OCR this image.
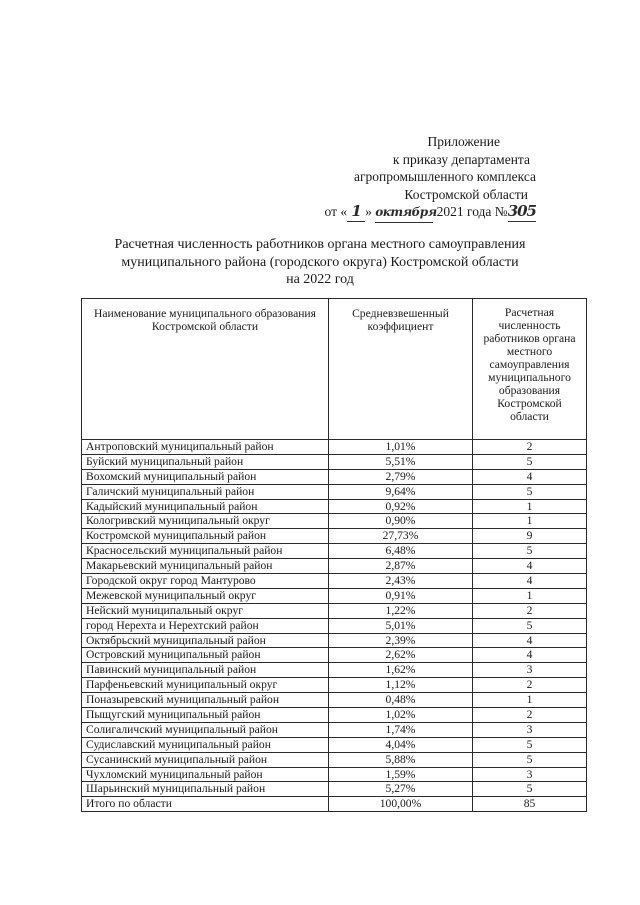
Приложение
к приказу департамента
агропромышленного комплекса
Костромской области
от « 1 » октября 2021 года №305
Расчетная численность работников органа местного самоуправления
муниципального района (городского округа) Костромской области
на 2022 год
Наименование муниципального образования Костромской области	Средневзвешенный коэффициент	Расчетная численность работников органа местного самоуправления муниципального образования Костромской области
Антроповский муниципальный район	1,01%	2
Буйский муниципальный район	5,51%	5
Вохомский муниципальный район	2,79%	4
Галичский муниципальный район	9,64%	5
Кадыйский муниципальный район	0,92%	1
Кологривский муниципальный округ	0,90%	1
Костромской муниципальный район	27,73%	9
Красносельский муниципальный район	6,48%	5
Макарьевский муниципальный район	2,87%	4
Городской округ город Мантурово	2,43%	4
Межевской муниципальный округ	0,91%	1
Нейский муниципальный округ	1,22%	2
город Нерехта и Нерехтский район	5,01%	5
Октябрьский муниципальный район	2,39%	4
Островский муниципальный район	2,62%	4
Павинский муниципальный район	1,62%	3
Парфеньевский муниципальный округ	1,12%	2
Поназыревский муниципальный район	0,48%	1
Пыщугский муниципальный район	1,02%	2
Солигаличский муниципальный район	1,74%	3
Судиславский муниципальный район	4,04%	5
Сусанинский муниципальный район	5,88%	5
Чухломский муниципальный район	1,59%	3
Шарьинский муниципальный район	5,27%	5
Итого по области	100,00%	85
